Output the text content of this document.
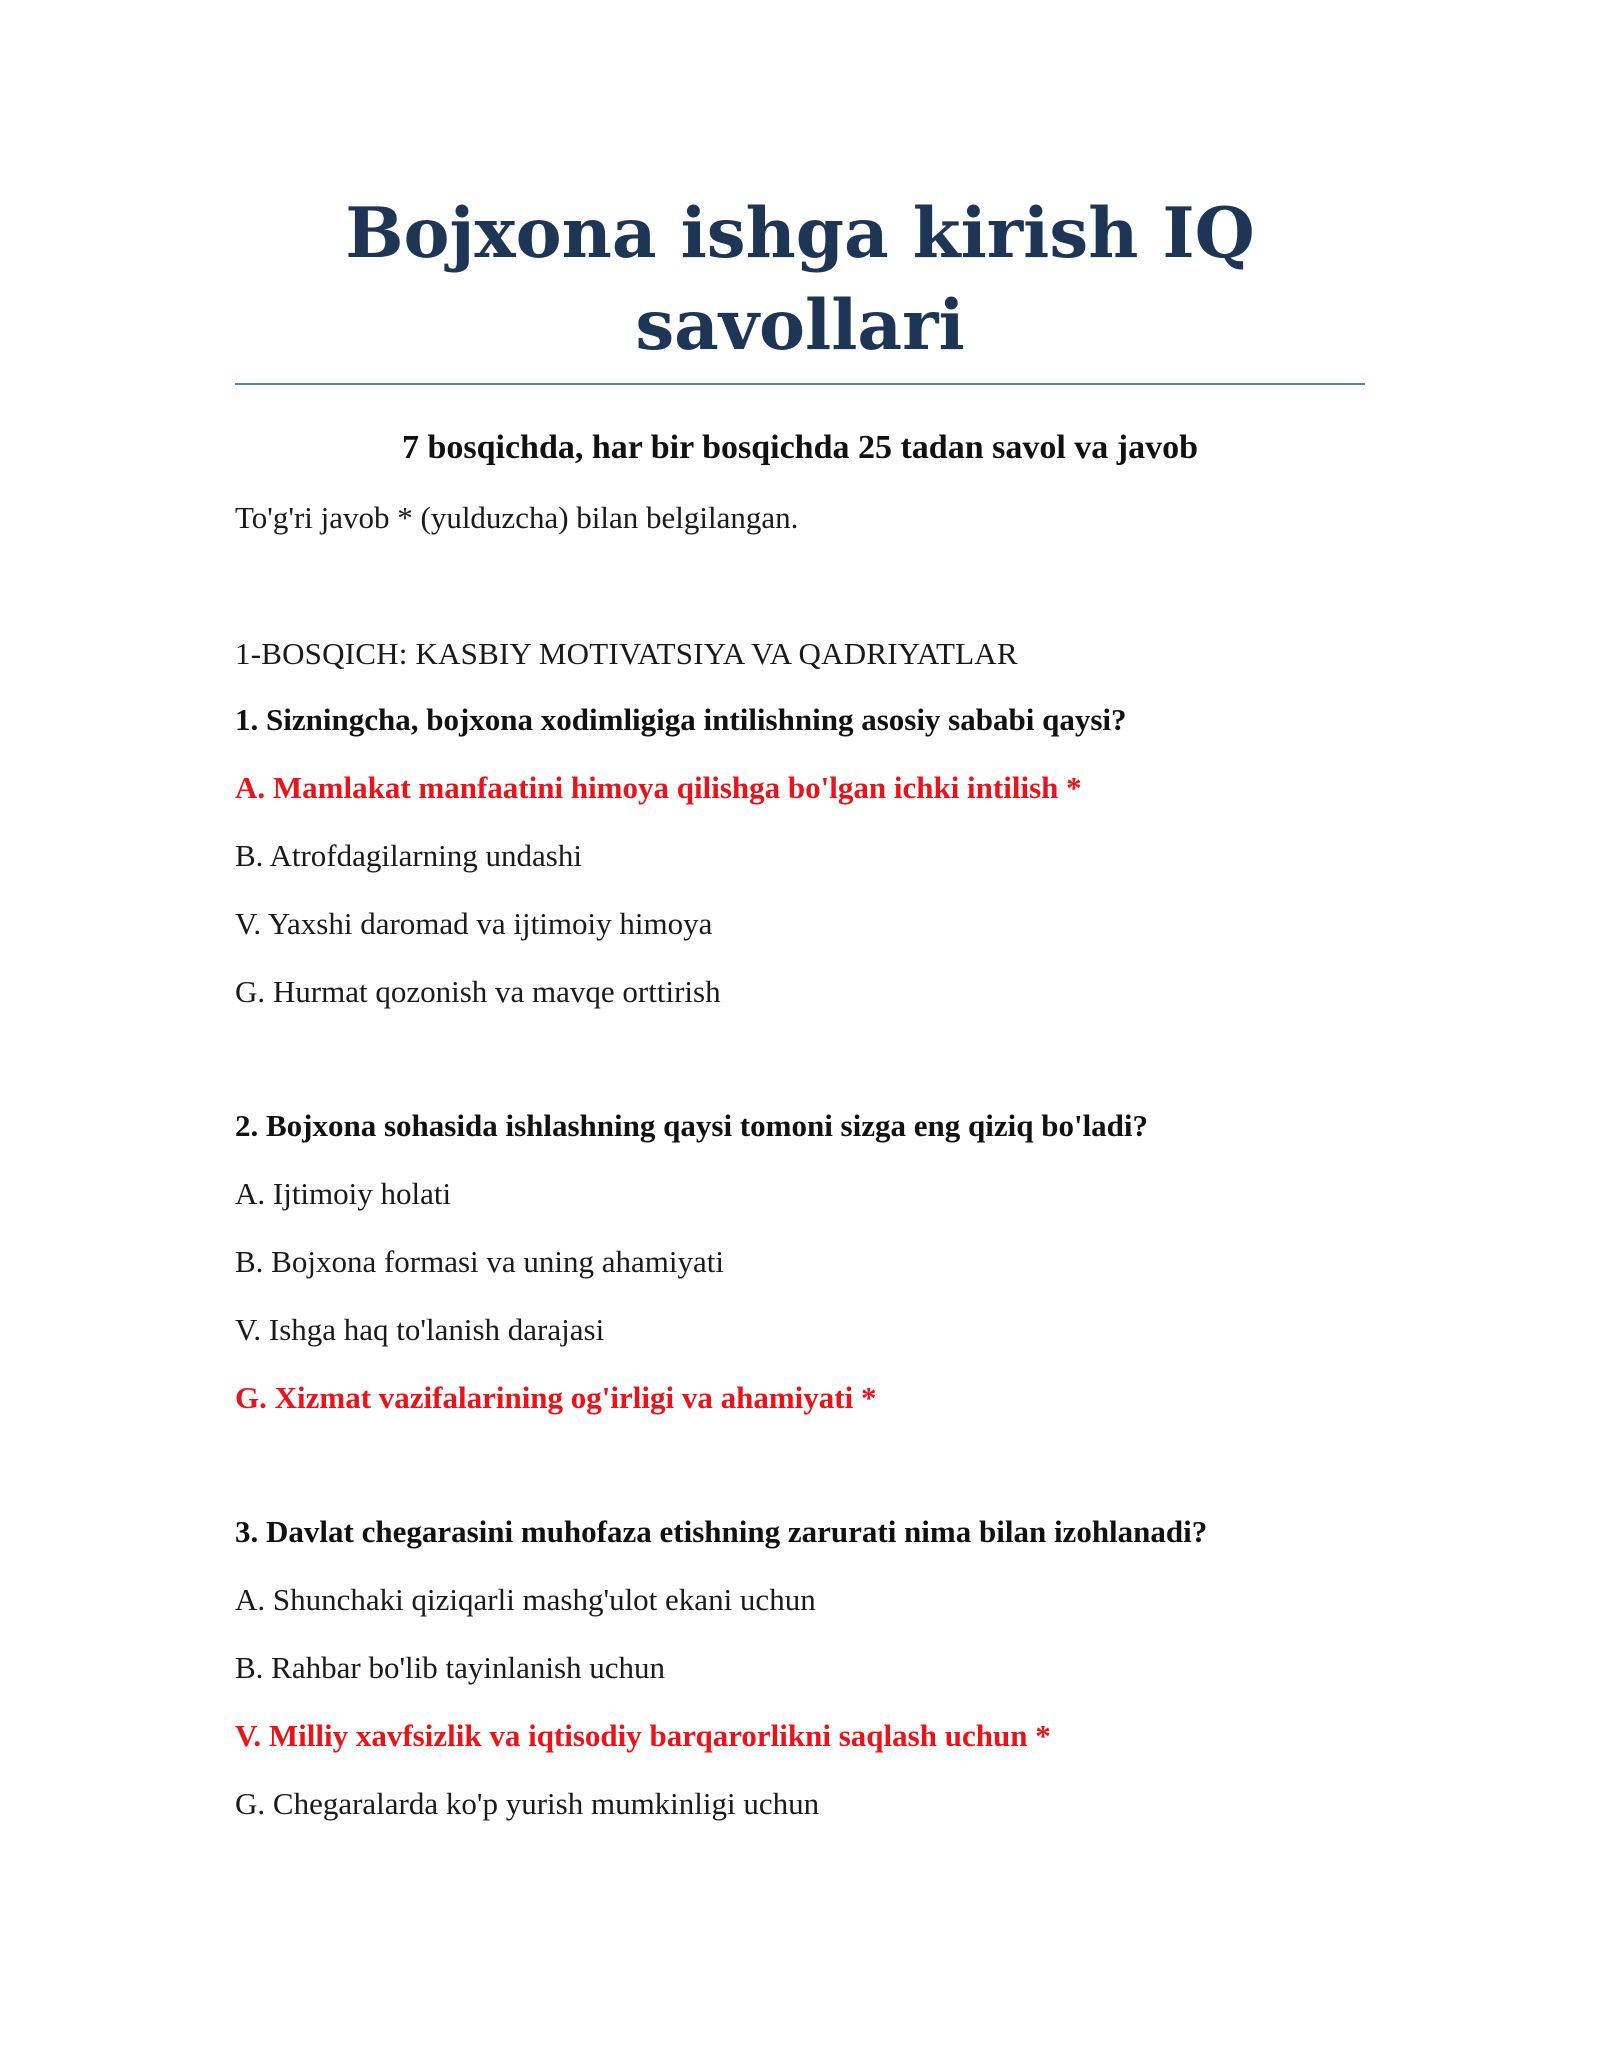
Bojxona ishga kirish IQ savollari
7 bosqichda, har bir bosqichda 25 tadan savol va javob
To'g'ri javob * (yulduzcha) bilan belgilangan.
1-BOSQICH: KASBIY MOTIVATSIYA VA QADRIYATLAR
1. Sizningcha, bojxona xodimligiga intilishning asosiy sababi qaysi?
A. Mamlakat manfaatini himoya qilishga bo'lgan ichki intilish *
B. Atrofdagilarning undashi
V. Yaxshi daromad va ijtimoiy himoya
G. Hurmat qozonish va mavqe orttirish
2. Bojxona sohasida ishlashning qaysi tomoni sizga eng qiziq bo'ladi?
A. Ijtimoiy holati
B. Bojxona formasi va uning ahamiyati
V. Ishga haq to'lanish darajasi
G. Xizmat vazifalarining og'irligi va ahamiyati *
3. Davlat chegarasini muhofaza etishning zarurati nima bilan izohlanadi?
A. Shunchaki qiziqarli mashg'ulot ekani uchun
B. Rahbar bo'lib tayinlanish uchun
V. Milliy xavfsizlik va iqtisodiy barqarorlikni saqlash uchun *
G. Chegaralarda ko'p yurish mumkinligi uchun
